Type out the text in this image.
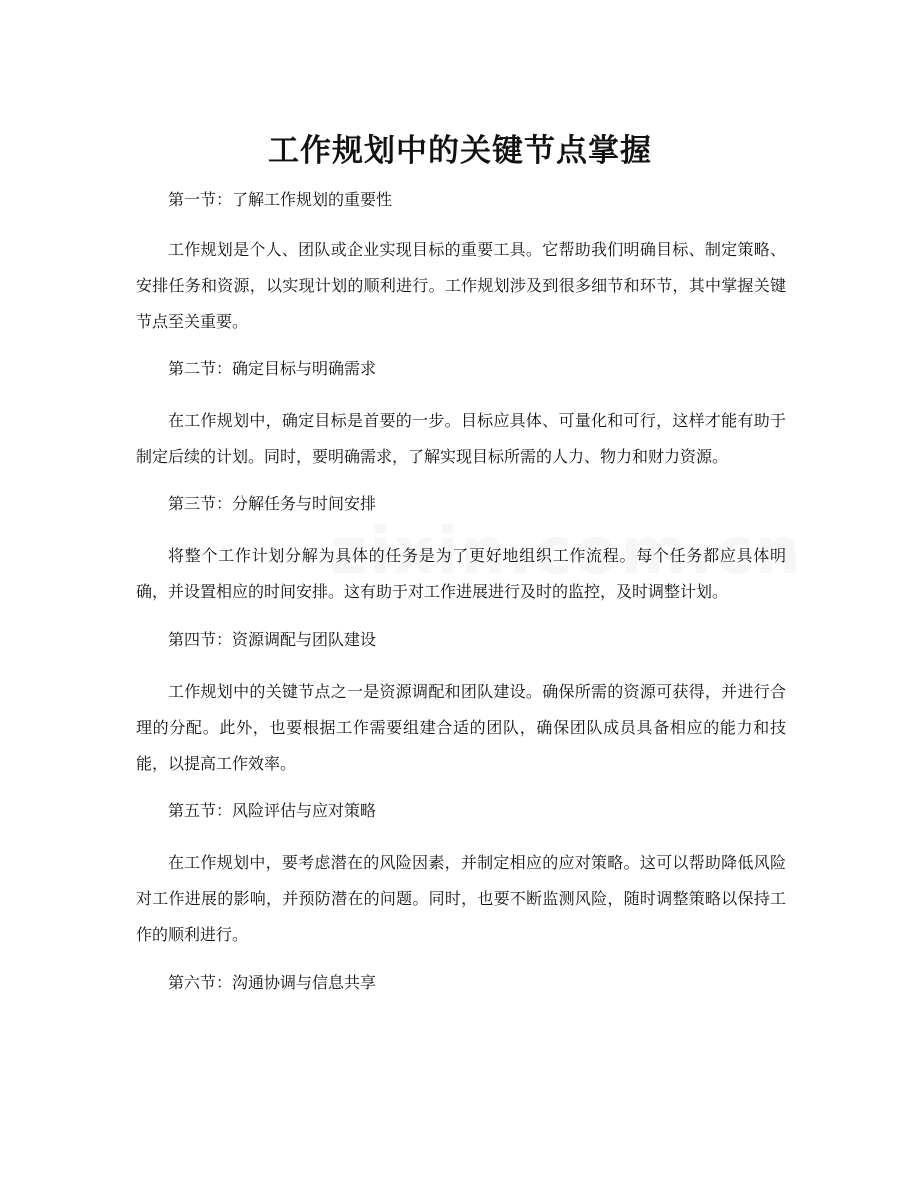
工作规划中的关键节点掌握

第一节：了解工作规划的重要性

工作规划是个人、团队或企业实现目标的重要工具。它帮助我们明确目标、制定策略、安排任务和资源，以实现计划的顺利进行。工作规划涉及到很多细节和环节，其中掌握关键节点至关重要。

第二节：确定目标与明确需求

在工作规划中，确定目标是首要的一步。目标应具体、可量化和可行，这样才能有助于制定后续的计划。同时，要明确需求，了解实现目标所需的人力、物力和财力资源。

第三节：分解任务与时间安排

将整个工作计划分解为具体的任务是为了更好地组织工作流程。每个任务都应具体明确，并设置相应的时间安排。这有助于对工作进展进行及时的监控，及时调整计划。

第四节：资源调配与团队建设

工作规划中的关键节点之一是资源调配和团队建设。确保所需的资源可获得，并进行合理的分配。此外，也要根据工作需要组建合适的团队，确保团队成员具备相应的能力和技能，以提高工作效率。

第五节：风险评估与应对策略

在工作规划中，要考虑潜在的风险因素，并制定相应的应对策略。这可以帮助降低风险对工作进展的影响，并预防潜在的问题。同时，也要不断监测风险，随时调整策略以保持工作的顺利进行。

第六节：沟通协调与信息共享
